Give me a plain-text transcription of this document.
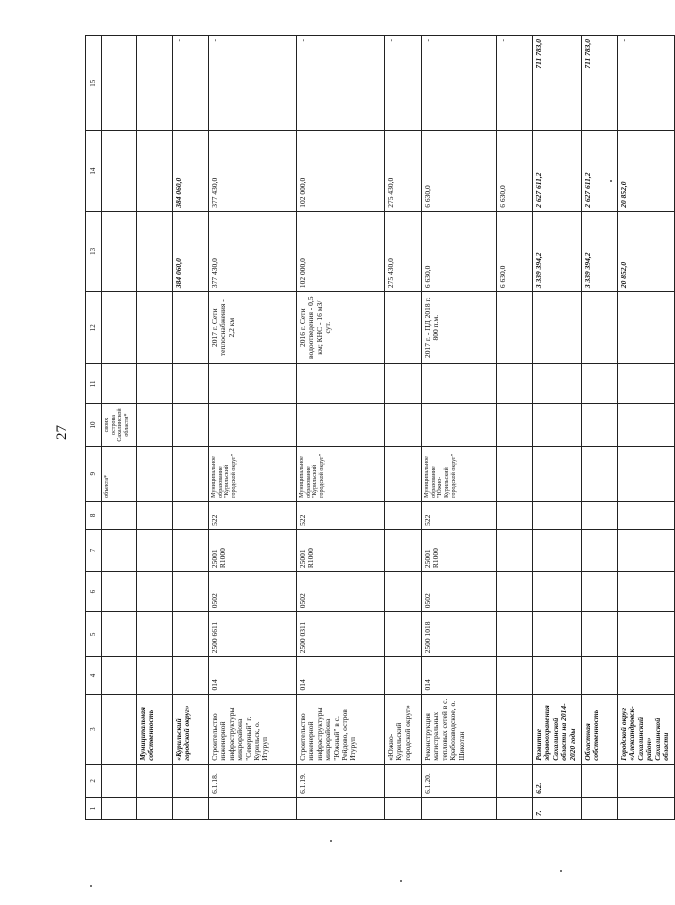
27
1	2	3	4	5	6	7	8	9	10	11	12	13	14	15
								объекта*	своих острова Сахалинской области*					
		Муниципальная собственность												
		«Курильский городской округ»										384 060,0	384 060,0	-
	6.1.18.	Строительство инженерной инфраструктуры микрорайона "Северный" г. Курильск, о. Итуруп	014	2500 6611	0502	25001 R1000	522	Муниципальное образование "Курильский городской округ"			2017 г. Сети теплоснабжения - 2,2 км	377 430,0	377 430,0	-
	6.1.19.	Строительство инженерной инфраструктуры микрорайона "Южный" в с. Рейдово, остров Итуруп	014	2500 0311	0502	25001 R1000	522	Муниципальное образование "Курильский городской округ"			2016 г. Сети водоотведения - 0,5 км; КНС - 16 м3/сут.	102 000,0	102 000,0	-
		«Южно-Курильский городской округ»										275 430,0	275 430,0	-
	6.1.20.	Реконструкция магистральных тепловых сетей в с. Крабозаводское, о. Шикотан	014	2500 1018	0502	25001 R1000	522	Муниципальное образование "Южно-Курильский городской округ"			2017 г. - ПД 2018 г. 800 п.м.	6 630,0	6 630,0	-
												6 630,0	6 630,0	-
7.	6.2.	Развитие здравоохранения Сахалинской области на 2014-2020 годы										3 339 394,2	2 627 611,2	711 783,0
		Областная собственность										3 339 394,2	2 627 611,2	711 783,0
		Городской округ «Александровск-Сахалинский район» Сахалинской области										20 852,0	20 852,0	-
